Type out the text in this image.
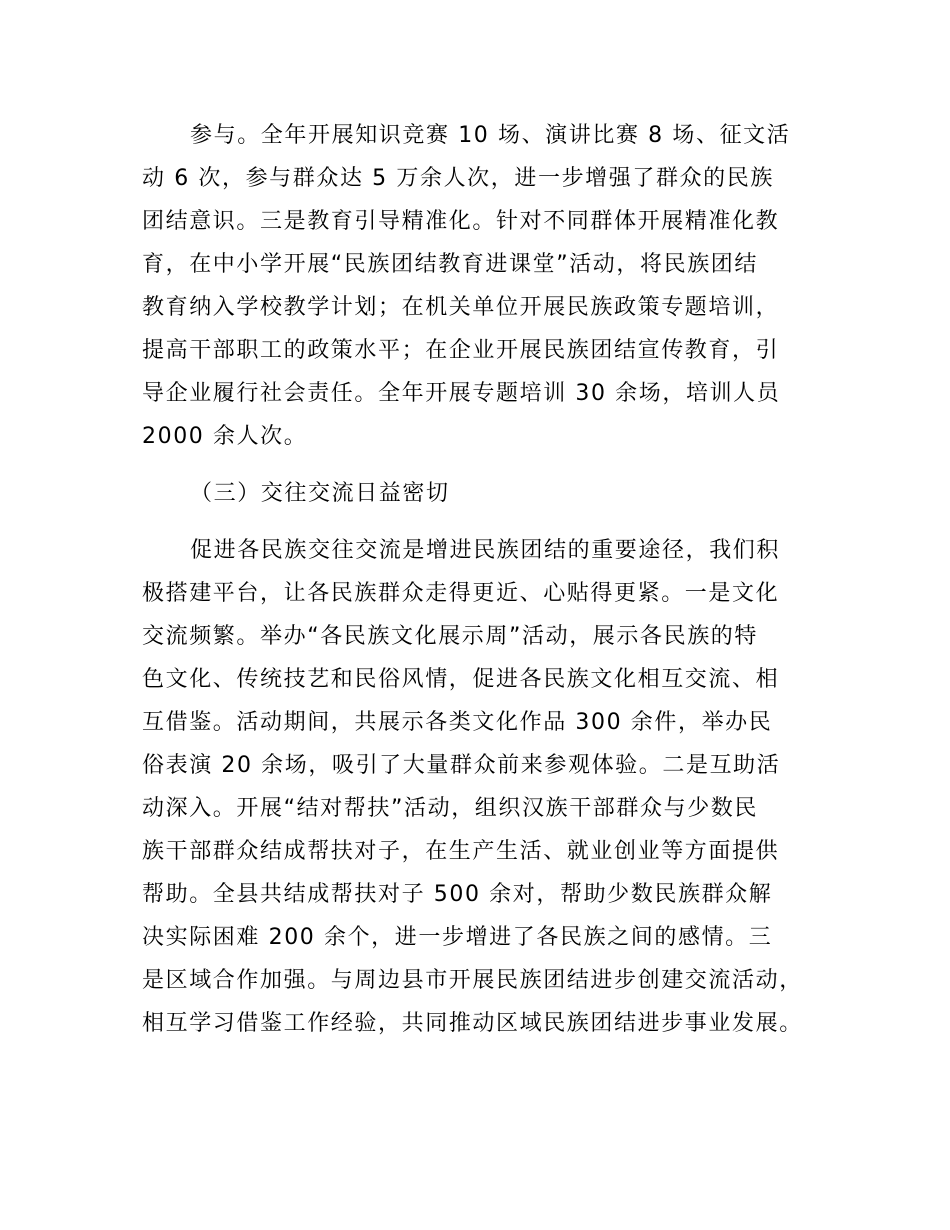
参与。全年开展知识竞赛 10 场、演讲比赛 8 场、征文活
动 6 次，参与群众达 5 万余人次，进一步增强了群众的民族
团结意识。三是教育引导精准化。针对不同群体开展精准化教
育，在中小学开展“民族团结教育进课堂”活动，将民族团结
教育纳入学校教学计划；在机关单位开展民族政策专题培训，
提高干部职工的政策水平；在企业开展民族团结宣传教育，引
导企业履行社会责任。全年开展专题培训 30 余场，培训人员
2000 余人次。
（三）交往交流日益密切
促进各民族交往交流是增进民族团结的重要途径，我们积
极搭建平台，让各民族群众走得更近、心贴得更紧。一是文化
交流频繁。举办“各民族文化展示周”活动，展示各民族的特
色文化、传统技艺和民俗风情，促进各民族文化相互交流、相
互借鉴。活动期间，共展示各类文化作品 300 余件，举办民
俗表演 20 余场，吸引了大量群众前来参观体验。二是互助活
动深入。开展“结对帮扶”活动，组织汉族干部群众与少数民
族干部群众结成帮扶对子，在生产生活、就业创业等方面提供
帮助。全县共结成帮扶对子 500 余对，帮助少数民族群众解
决实际困难 200 余个，进一步增进了各民族之间的感情。三
是区域合作加强。与周边县市开展民族团结进步创建交流活动，
相互学习借鉴工作经验，共同推动区域民族团结进步事业发展。
